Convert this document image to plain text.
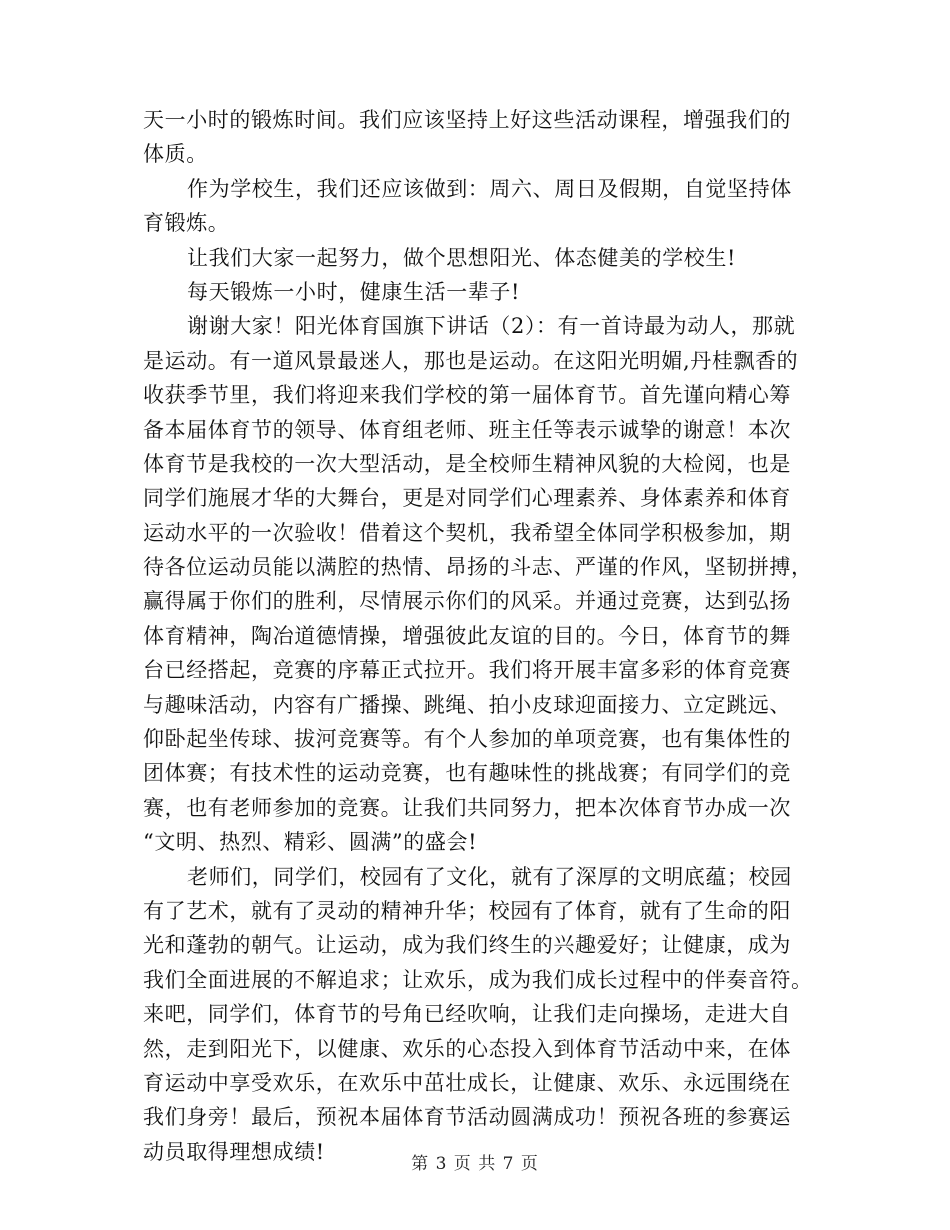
天一小时的锻炼时间。我们应该坚持上好这些活动课程，增强我们的
体质。
作为学校生，我们还应该做到：周六、周日及假期，自觉坚持体
育锻炼。
让我们大家一起努力，做个思想阳光、体态健美的学校生!
每天锻炼一小时，健康生活一辈子!
谢谢大家！阳光体育国旗下讲话（2）：有一首诗最为动人，那就
是运动。有一道风景最迷人，那也是运动。在这阳光明媚,丹桂飘香的
收获季节里，我们将迎来我们学校的第一届体育节。首先谨向精心筹
备本届体育节的领导、体育组老师、班主任等表示诚挚的谢意！本次
体育节是我校的一次大型活动，是全校师生精神风貌的大检阅，也是
同学们施展才华的大舞台，更是对同学们心理素养、身体素养和体育
运动水平的一次验收！借着这个契机，我希望全体同学积极参加，期
待各位运动员能以满腔的热情、昂扬的斗志、严谨的作风，坚韧拼搏，
赢得属于你们的胜利，尽情展示你们的风采。并通过竞赛，达到弘扬
体育精神，陶冶道德情操，增强彼此友谊的目的。今日，体育节的舞
台已经搭起，竞赛的序幕正式拉开。我们将开展丰富多彩的体育竞赛
与趣味活动，内容有广播操、跳绳、拍小皮球迎面接力、立定跳远、
仰卧起坐传球、拔河竞赛等。有个人参加的单项竞赛，也有集体性的
团体赛；有技术性的运动竞赛，也有趣味性的挑战赛；有同学们的竞
赛，也有老师参加的竞赛。让我们共同努力，把本次体育节办成一次
“文明、热烈、精彩、圆满”的盛会!
老师们，同学们，校园有了文化，就有了深厚的文明底蕴；校园
有了艺术，就有了灵动的精神升华；校园有了体育，就有了生命的阳
光和蓬勃的朝气。让运动，成为我们终生的兴趣爱好；让健康，成为
我们全面进展的不解追求；让欢乐，成为我们成长过程中的伴奏音符。
来吧，同学们，体育节的号角已经吹响，让我们走向操场，走进大自
然，走到阳光下，以健康、欢乐的心态投入到体育节活动中来，在体
育运动中享受欢乐，在欢乐中茁壮成长，让健康、欢乐、永远围绕在
我们身旁！最后，预祝本届体育节活动圆满成功！预祝各班的参赛运
动员取得理想成绩!
第 3 页 共 7 页
